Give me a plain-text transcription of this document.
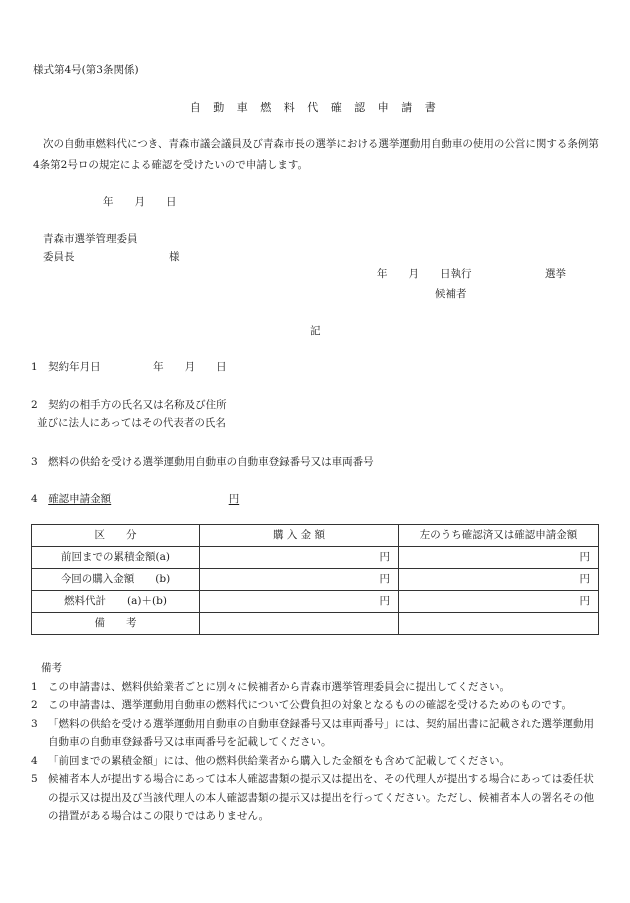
様式第4号(第3条関係)
自 動 車 燃 料 代 確 認 申 請 書
次の自動車燃料代につき、青森市議会議員及び青森市長の選挙における選挙運動用自動車の使用の公営に関する条例第4条第2号ロの規定による確認を受けたいので申請します。
年　　月　　日
青森市選挙管理委員
委員長　　　　　　　　　様
年　　月　　日執行　　　　　　　選挙
候補者
記
1　契約年月日　　　　　年　　月　　日
2　契約の相手方の氏名又は名称及び住所
並びに法人にあってはその代表者の氏名
3　燃料の供給を受ける選挙運動用自動車の自動車登録番号又は車両番号
4　 確認申請金額	円
区　　分	購 入 金 額	左のうち確認済又は確認申請金額
前回までの累積金額(a)	円	円
今回の購入金額　　(b)	円	円
燃料代計　　(a)＋(b)	円	円
備　　考		
備考
1 この申請書は、燃料供給業者ごとに別々に候補者から青森市選挙管理委員会に提出してください。
2 この申請書は、選挙運動用自動車の燃料代について公費負担の対象となるものの確認を受けるためのものです。
3 「燃料の供給を受ける選挙運動用自動車の自動車登録番号又は車両番号」には、契約届出書に記載された選挙運動用自動車の自動車登録番号又は車両番号を記載してください。
4 「前回までの累積金額」には、他の燃料供給業者から購入した金額をも含めて記載してください。
5 候補者本人が提出する場合にあっては本人確認書類の提示又は提出を、その代理人が提出する場合にあっては委任状の提示又は提出及び当該代理人の本人確認書類の提示又は提出を行ってください。ただし、候補者本人の署名その他の措置がある場合はこの限りではありません。
